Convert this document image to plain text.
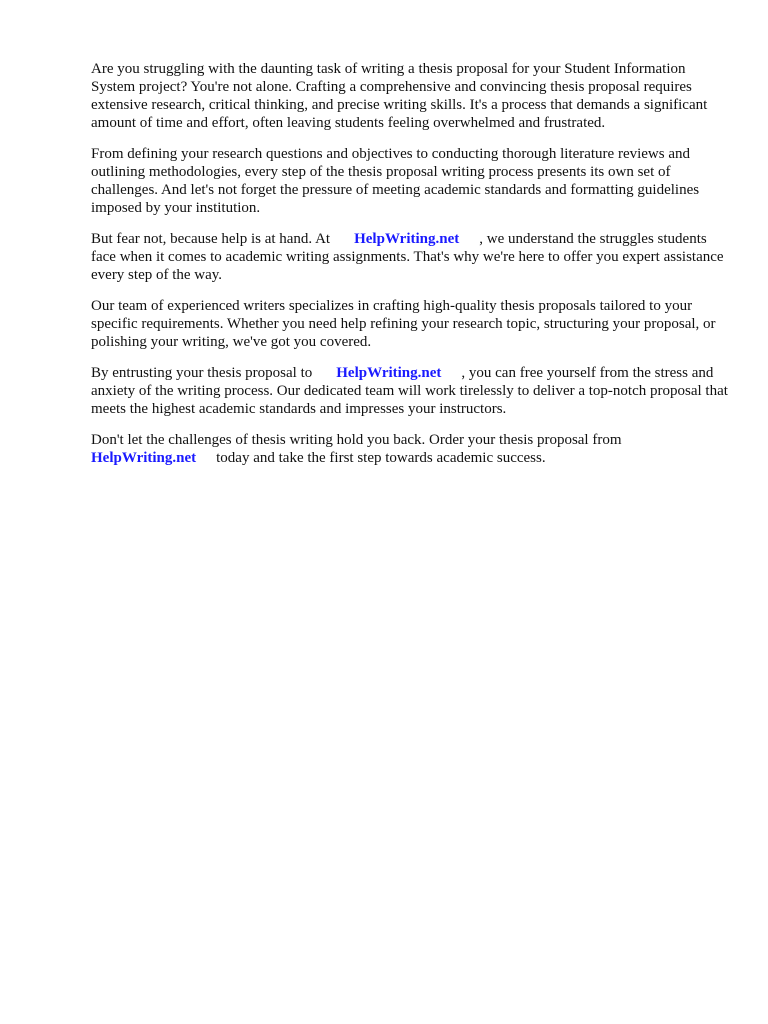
Are you struggling with the daunting task of writing a thesis proposal for your Student Information System project? You're not alone. Crafting a comprehensive and convincing thesis proposal requires extensive research, critical thinking, and precise writing skills. It's a process that demands a significant amount of time and effort, often leaving students feeling overwhelmed and frustrated.

From defining your research questions and objectives to conducting thorough literature reviews and outlining methodologies, every step of the thesis proposal writing process presents its own set of challenges. And let's not forget the pressure of meeting academic standards and formatting guidelines imposed by your institution.

But fear not, because help is at hand. At HelpWriting.net , we understand the struggles students face when it comes to academic writing assignments. That's why we're here to offer you expert assistance every step of the way.

Our team of experienced writers specializes in crafting high-quality thesis proposals tailored to your specific requirements. Whether you need help refining your research topic, structuring your proposal, or polishing your writing, we've got you covered.

By entrusting your thesis proposal to HelpWriting.net , you can free yourself from the stress and anxiety of the writing process. Our dedicated team will work tirelessly to deliver a top-notch proposal that meets the highest academic standards and impresses your instructors.

Don't let the challenges of thesis writing hold you back. Order your thesis proposal from HelpWriting.net today and take the first step towards academic success.
